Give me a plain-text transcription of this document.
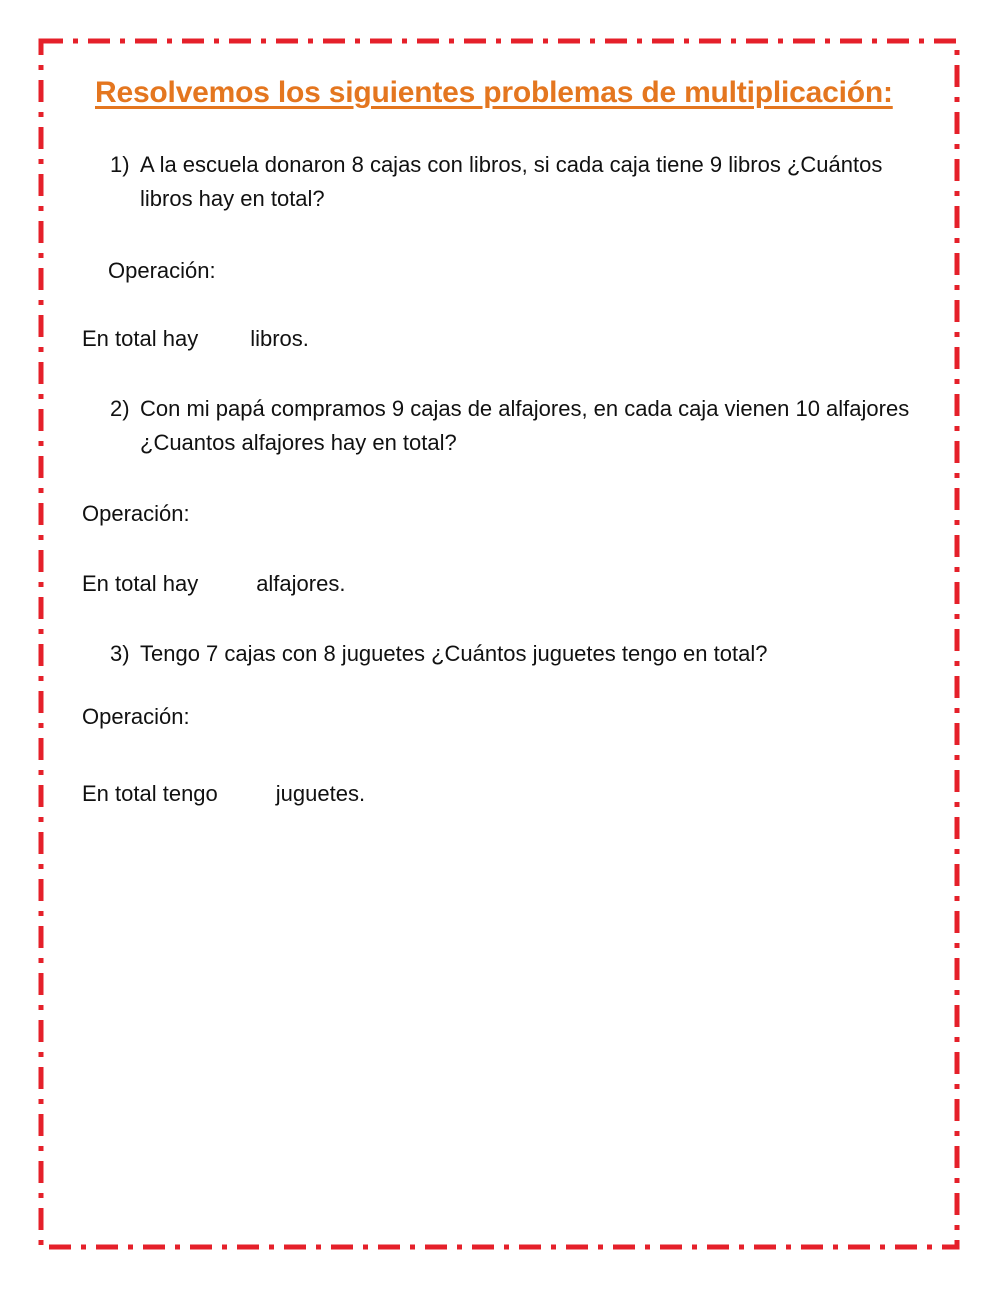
Resolvemos los siguientes problemas de multiplicación:
1) A la escuela donaron 8 cajas con libros, si cada caja tiene 9 libros ¿Cuántos libros hay en total?
Operación:
En total hay libros.
2) Con mi papá compramos 9 cajas de alfajores, en cada caja vienen 10 alfajores ¿Cuantos alfajores hay en total?
Operación:
En total hay	alfajores.
3) Tengo 7 cajas con 8 juguetes ¿Cuántos juguetes tengo en total?
Operación:
En total tengo	juguetes.
